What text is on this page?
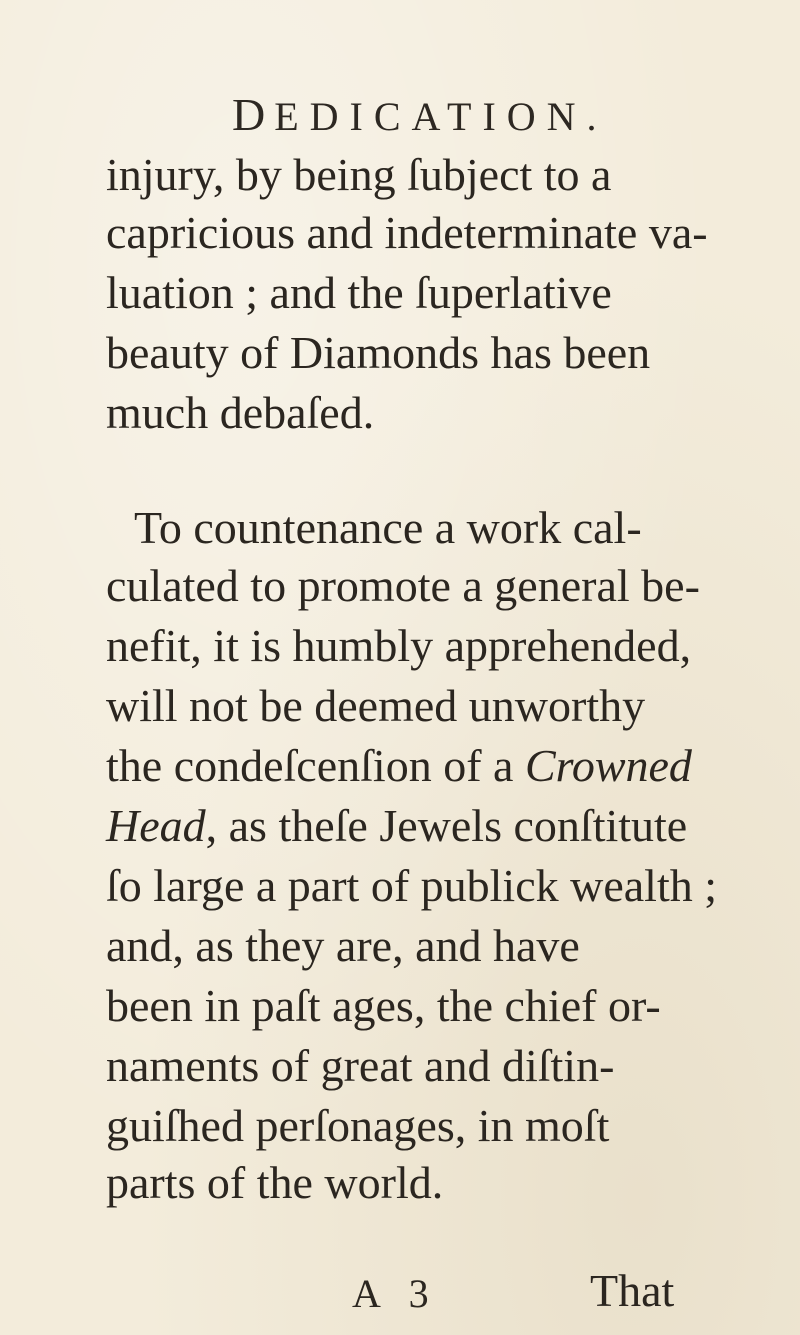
DEDICATION.
injury, by being ſubject to a
capricious and indeterminate va-
luation ; and the ſuperlative
beauty of Diamonds has been
much debaſed.
To countenance a work cal-
culated to promote a general be-
nefit, it is humbly apprehended,
will not be deemed unworthy
the condeſcenſion of a Crowned
Head, as theſe Jewels conſtitute
ſo large a part of publick wealth ;
and, as they are, and have
been in paſt ages, the chief or-
naments of great and diſtin-
guiſhed perſonages, in moſt
parts of the world.
A 3	That
